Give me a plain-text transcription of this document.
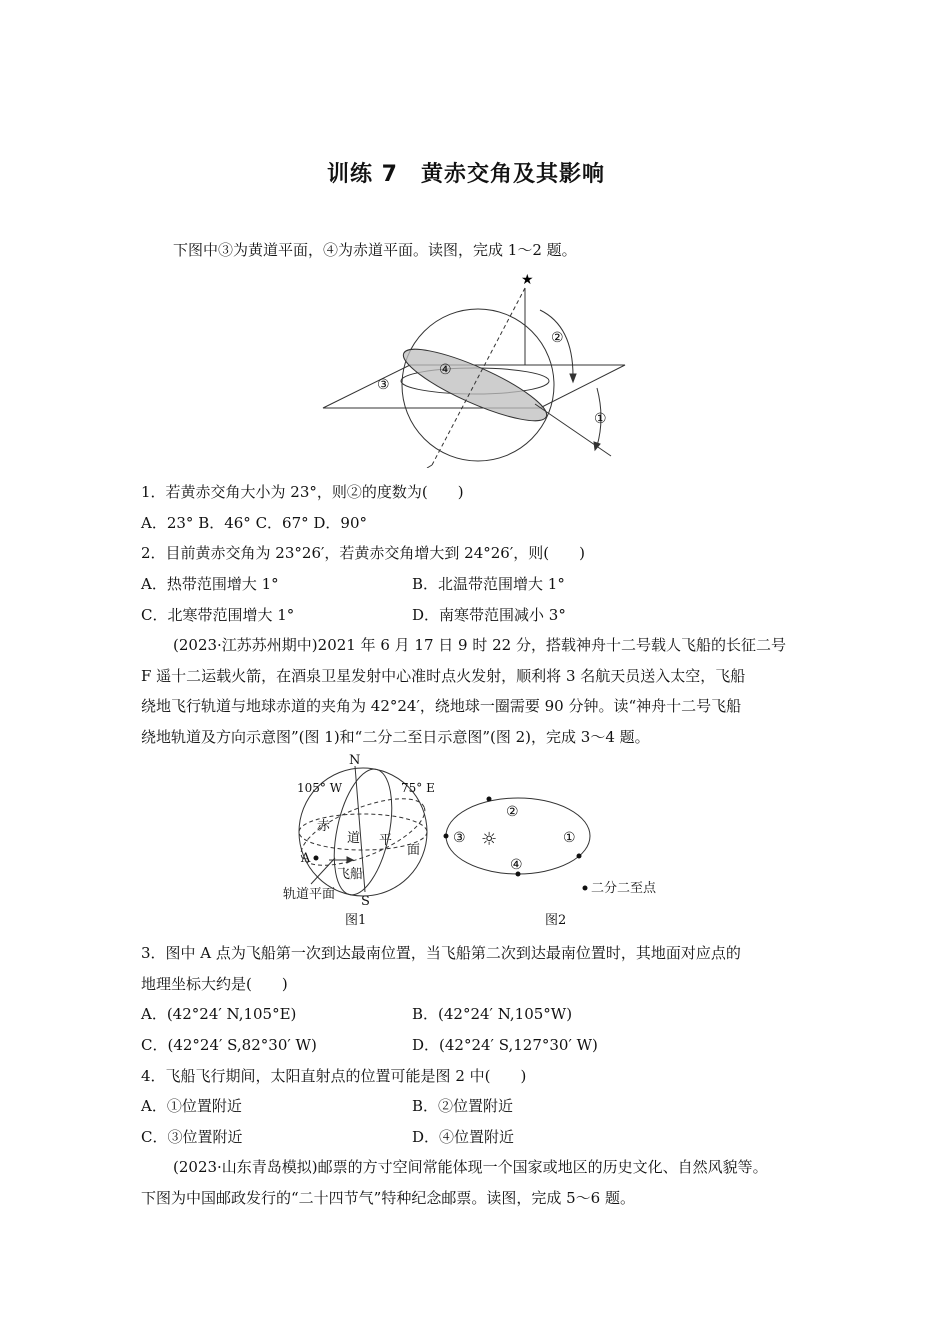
训练 7　黄赤交角及其影响
下图中③为黄道平面，④为赤道平面。读图，完成 1～2 题。
★
④
③
②
①
1．若黄赤交角大小为 23°，则②的度数为(　　)
A．23° B．46° C．67° D．90°
2．目前黄赤交角为 23°26′，若黄赤交角增大到 24°26′，则(　　)
A．热带范围增大 1°	B．北温带范围增大 1°
C．北寒带范围增大 1°	D．南寒带范围减小 3°
(2023·江苏苏州期中)2021 年 6 月 17 日 9 时 22 分，搭载神舟十二号载人飞船的长征二号
F 遥十二运载火箭，在酒泉卫星发射中心准时点火发射，顺利将 3 名航天员送入太空，飞船
绕地飞行轨道与地球赤道的夹角为 42°24′，绕地球一圈需要 90 分钟。读“神舟十二号飞船
绕地轨道及方向示意图”(图 1)和“二分二至日示意图”(图 2)，完成 3～4 题。
N
S
105° W	75° E
赤
道 平
面
A
飞船
轨道平面
图1
①
②
③
④
☼
二分二至点
图2
3．图中 A 点为飞船第一次到达最南位置，当飞船第二次到达最南位置时，其地面对应点的
地理坐标大约是(　　)
A．(42°24′ N,105°E)	B．(42°24′ N,105°W)
C．(42°24′ S,82°30′ W)	D．(42°24′ S,127°30′ W)
4．飞船飞行期间，太阳直射点的位置可能是图 2 中(　　)
A．①位置附近	B．②位置附近
C．③位置附近	D．④位置附近
(2023·山东青岛模拟)邮票的方寸空间常能体现一个国家或地区的历史文化、自然风貌等。
下图为中国邮政发行的“二十四节气”特种纪念邮票。读图，完成 5～6 题。
